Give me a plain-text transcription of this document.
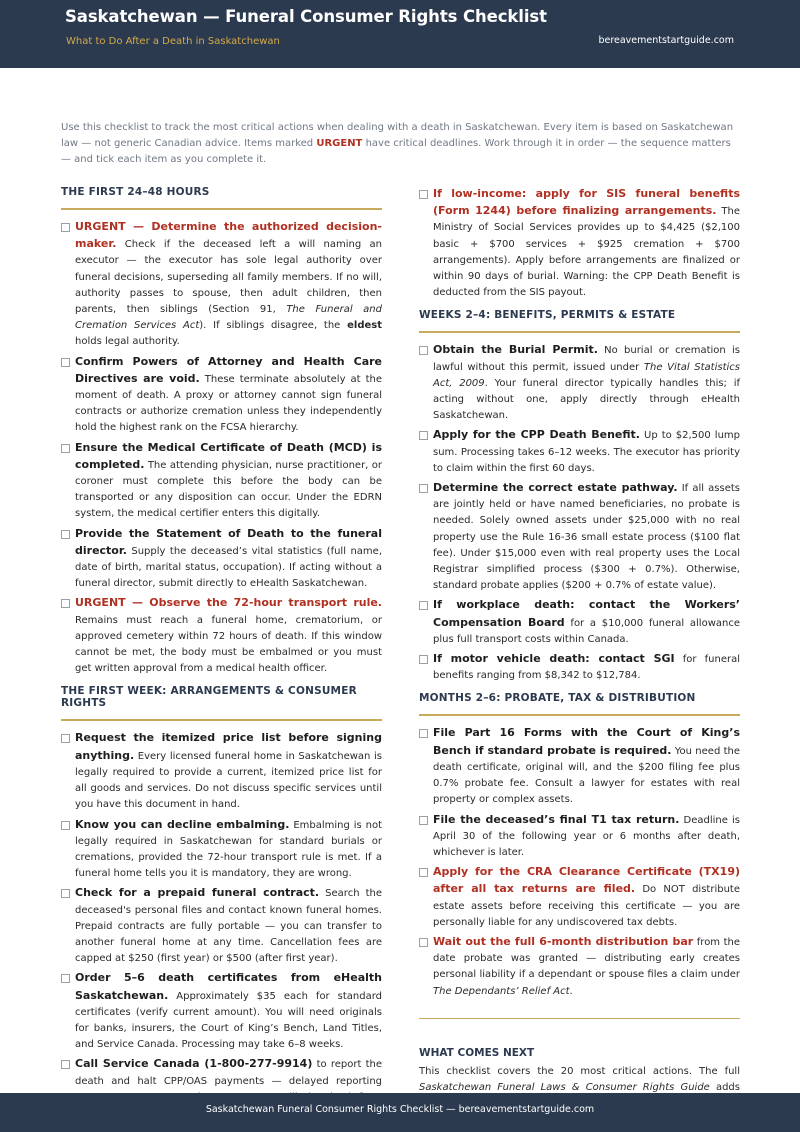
Saskatchewan — Funeral Consumer Rights Checklist
What to Do After a Death in Saskatchewan	bereavementstartguide.com
Use this checklist to track the most critical actions when dealing with a death in Saskatchewan. Every item is based on Saskatchewan law — not generic Canadian advice. Items marked URGENT have critical deadlines. Work through it in order — the sequence matters — and tick each item as you complete it.
THE FIRST 24–48 HOURS
URGENT — Determine the authorized decision-maker. Check if the deceased left a will naming an executor — the executor has sole legal authority over funeral decisions, superseding all family members. If no will, authority passes to spouse, then adult children, then parents, then siblings (Section 91, The Funeral and Cremation Services Act). If siblings disagree, the eldest holds legal authority.
Confirm Powers of Attorney and Health Care Directives are void. These terminate absolutely at the moment of death. A proxy or attorney cannot sign funeral contracts or authorize cremation unless they independently hold the highest rank on the FCSA hierarchy.
Ensure the Medical Certificate of Death (MCD) is completed. The attending physician, nurse practitioner, or coroner must complete this before the body can be transported or any disposition can occur. Under the EDRN system, the medical certifier enters this digitally.
Provide the Statement of Death to the funeral director. Supply the deceased’s vital statistics (full name, date of birth, marital status, occupation). If acting without a funeral director, submit directly to eHealth Saskatchewan.
URGENT — Observe the 72-hour transport rule. Remains must reach a funeral home, crematorium, or approved cemetery within 72 hours of death. If this window cannot be met, the body must be embalmed or you must get written approval from a medical health officer.
THE FIRST WEEK: ARRANGEMENTS & CONSUMER RIGHTS
Request the itemized price list before signing anything. Every licensed funeral home in Saskatchewan is legally required to provide a current, itemized price list for all goods and services. Do not discuss specific services until you have this document in hand.
Know you can decline embalming. Embalming is not legally required in Saskatchewan for standard burials or cremations, provided the 72-hour transport rule is met. If a funeral home tells you it is mandatory, they are wrong.
Check for a prepaid funeral contract. Search the deceased's personal files and contact known funeral homes. Prepaid contracts are fully portable — you can transfer to another funeral home at any time. Cancellation fees are capped at $250 (first year) or $500 (after first year).
Order 5–6 death certificates from eHealth Saskatchewan. Approximately $35 each for standard certificates (verify current amount). You will need originals for banks, insurers, the Court of King’s Bench, Land Titles, and Service Canada. Processing may take 6–8 weeks.
Call Service Canada (1-800-277-9914) to report the death and halt CPP/OAS payments — delayed reporting
If low-income: apply for SIS funeral benefits (Form 1244) before finalizing arrangements. The Ministry of Social Services provides up to $4,425 ($2,100 basic + $700 services + $925 cremation + $700 arrangements). Apply before arrangements are finalized or within 90 days of burial. Warning: the CPP Death Benefit is deducted from the SIS payout.
WEEKS 2–4: BENEFITS, PERMITS & ESTATE
Obtain the Burial Permit. No burial or cremation is lawful without this permit, issued under The Vital Statistics Act, 2009. Your funeral director typically handles this; if acting without one, apply directly through eHealth Saskatchewan.
Apply for the CPP Death Benefit. Up to $2,500 lump sum. Processing takes 6–12 weeks. The executor has priority to claim within the first 60 days.
Determine the correct estate pathway. If all assets are jointly held or have named beneficiaries, no probate is needed. Solely owned assets under $25,000 with no real property use the Rule 16-36 small estate process ($100 flat fee). Under $15,000 even with real property uses the Local Registrar simplified process ($300 + 0.7%). Otherwise, standard probate applies ($200 + 0.7% of estate value).
If workplace death: contact the Workers’ Compensation Board for a $10,000 funeral allowance plus full transport costs within Canada.
If motor vehicle death: contact SGI for funeral benefits ranging from $8,342 to $12,784.
MONTHS 2–6: PROBATE, TAX & DISTRIBUTION
File Part 16 Forms with the Court of King’s Bench if standard probate is required. You need the death certificate, original will, and the $200 filing fee plus 0.7% probate fee. Consult a lawyer for estates with real property or complex assets.
File the deceased’s final T1 tax return. Deadline is April 30 of the following year or 6 months after death, whichever is later.
Apply for the CRA Clearance Certificate (TX19) after all tax returns are filed. Do NOT distribute estate assets before receiving this certificate — you are personally liable for any undiscovered tax debts.
Wait out the full 6-month distribution bar from the date probate was granted — distributing early creates personal liability if a dependant or spouse files a claim under The Dependants’ Relief Act.
WHAT COMES NEXT
This checklist covers the 20 most critical actions. The full Saskatchewan Funeral Laws & Consumer Rights Guide adds
Saskatchewan Funeral Consumer Rights Checklist — bereavementstartguide.com
